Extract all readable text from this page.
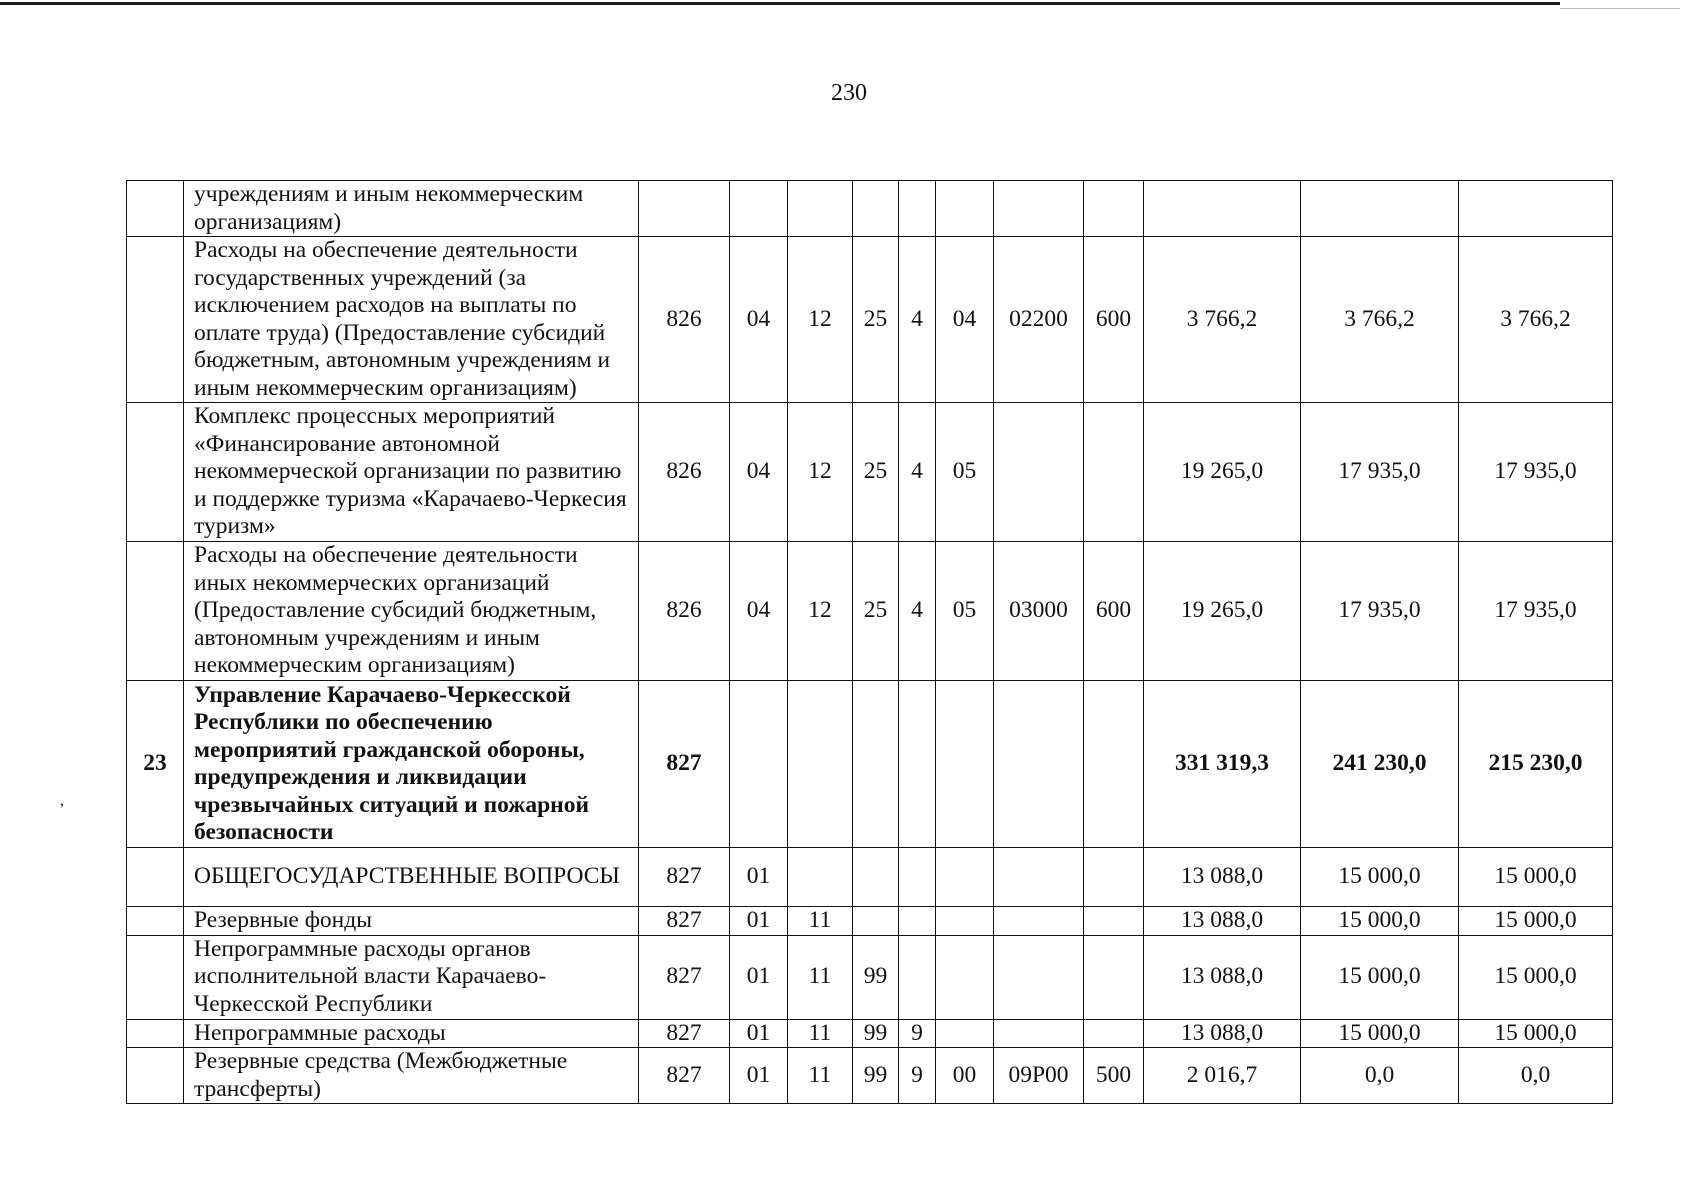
230
,
	учреждениям и иным некоммерческим организациям)											
	Расходы на обеспечение деятельности государственных учреждений (за исключением расходов на выплаты по оплате труда) (Предоставление субсидий бюджетным, автономным учреждениям и иным некоммерческим организациям)	826	04	12	25	4	04	02200	600	3 766,2	3 766,2	3 766,2
	Комплекс процессных мероприятий «Финансирование автономной некоммерческой организации по развитию и поддержке туризма «Карачаево-Черкесия туризм»	826	04	12	25	4	05			19 265,0	17 935,0	17 935,0
	Расходы на обеспечение деятельности иных некоммерческих организаций (Предоставление субсидий бюджетным, автономным учреждениям и иным некоммерческим организациям)	826	04	12	25	4	05	03000	600	19 265,0	17 935,0	17 935,0
23	Управление Карачаево-Черкесской Республики по обеспечению мероприятий гражданской обороны, предупреждения и ликвидации чрезвычайных ситуаций и пожарной безопасности	827								331 319,3	241 230,0	215 230,0
	ОБЩЕГОСУДАРСТВЕННЫЕ ВОПРОСЫ	827	01							13 088,0	15 000,0	15 000,0
	Резервные фонды	827	01	11						13 088,0	15 000,0	15 000,0
	Непрограммные расходы органов исполнительной власти Карачаево-Черкесской Республики	827	01	11	99					13 088,0	15 000,0	15 000,0
	Непрограммные расходы	827	01	11	99	9				13 088,0	15 000,0	15 000,0
	Резервные средства (Межбюджетные трансферты)	827	01	11	99	9	00	09Р00	500	2 016,7	0,0	0,0
